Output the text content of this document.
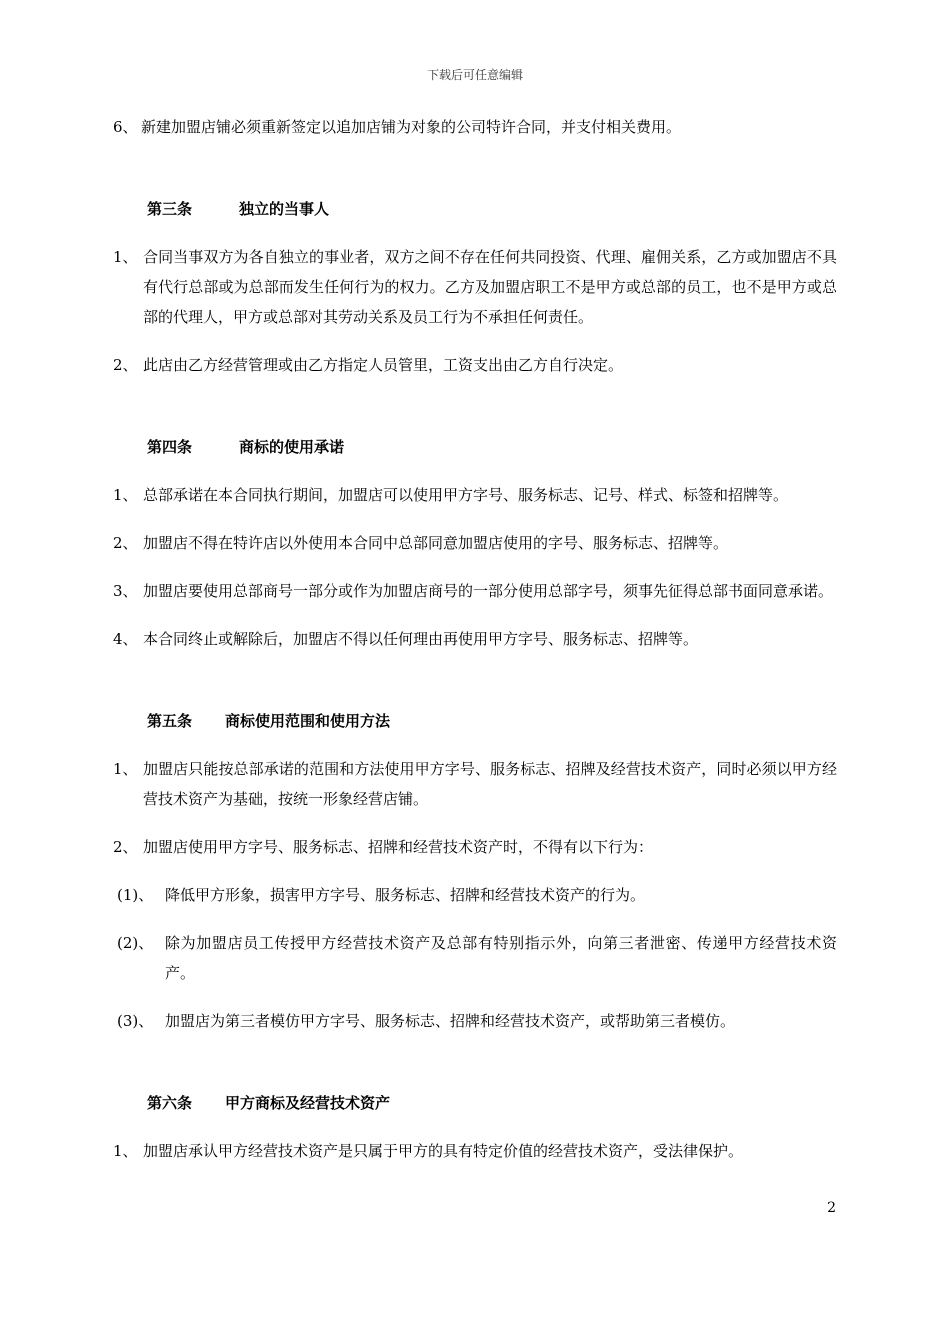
下载后可任意编辑
6、 新建加盟店铺必须重新签定以追加店铺为对象的公司特许合同，并支付相关费用。
第三条	独立的当事人
1、 合同当事双方为各自独立的事业者，双方之间不存在任何共同投资、代理、雇佣关系，乙方或加盟店不具有代行总部或为总部而发生任何行为的权力。乙方及加盟店职工不是甲方或总部的员工，也不是甲方或总部的代理人，甲方或总部对其劳动关系及员工行为不承担任何责任。
2、 此店由乙方经营管理或由乙方指定人员管里，工资支出由乙方自行决定。
第四条	商标的使用承诺
1、 总部承诺在本合同执行期间，加盟店可以使用甲方字号、服务标志、记号、样式、标签和招牌等。
2、 加盟店不得在特许店以外使用本合同中总部同意加盟店使用的字号、服务标志、招牌等。
3、 加盟店要使用总部商号一部分或作为加盟店商号的一部分使用总部字号，须事先征得总部书面同意承诺。
4、 本合同终止或解除后，加盟店不得以任何理由再使用甲方字号、服务标志、招牌等。
第五条	商标使用范围和使用方法
1、 加盟店只能按总部承诺的范围和方法使用甲方字号、服务标志、招牌及经营技术资产，同时必须以甲方经营技术资产为基础，按统一形象经营店铺。
2、 加盟店使用甲方字号、服务标志、招牌和经营技术资产时，不得有以下行为：
(1)、 降低甲方形象，损害甲方字号、服务标志、招牌和经营技术资产的行为。
(2)、 除为加盟店员工传授甲方经营技术资产及总部有特别指示外，向第三者泄密、传递甲方经营技术资产。
(3)、 加盟店为第三者模仿甲方字号、服务标志、招牌和经营技术资产，或帮助第三者模仿。
第六条	甲方商标及经营技术资产
1、 加盟店承认甲方经营技术资产是只属于甲方的具有特定价值的经营技术资产，受法律保护。
2
